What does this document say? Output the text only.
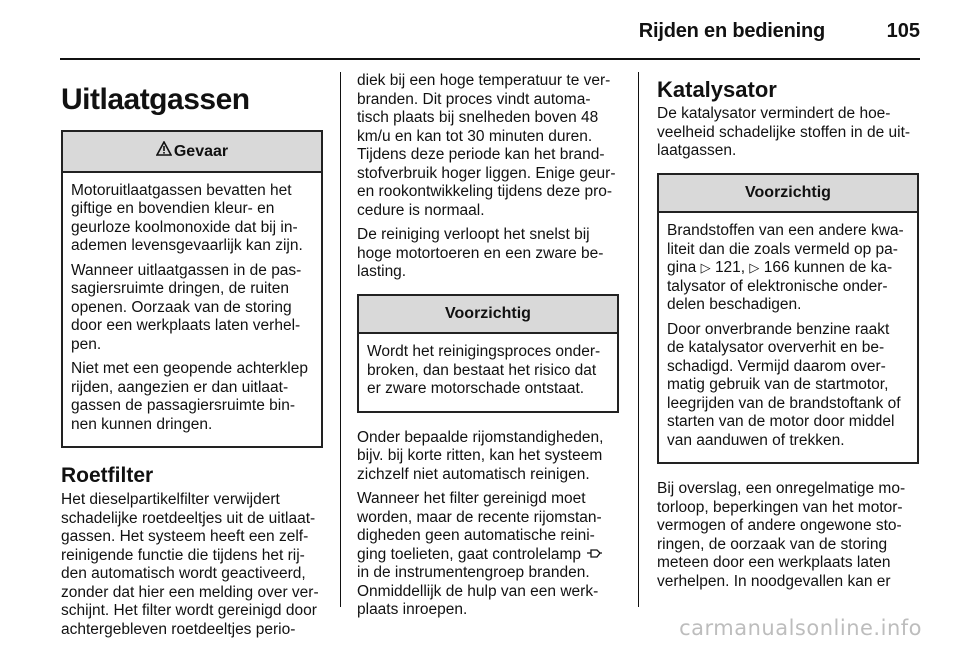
Rijden en bediening	105
Uitlaatgassen
Gevaar

Motoruitlaatgassen bevatten het giftige en bovendien kleur- en geurloze koolmonoxide dat bij in-ademen levensgevaarlijk kan zijn.

Wanneer uitlaatgassen in de pas-sagiersruimte dringen, de ruiten openen. Oorzaak van de storing door een werkplaats laten verhel-pen.

Niet met een geopende achterklep rijden, aangezien er dan uitlaat-gassen de passagiersruimte bin-nen kunnen dringen.

Roetfilter

Het dieselpartikelfilter verwijdert schadelijke roetdeeltjes uit de uitlaat-gassen. Het systeem heeft een zelf-reinigende functie die tijdens het rij-den automatisch wordt geactiveerd, zonder dat hier een melding over ver-schijnt. Het filter wordt gereinigd door achtergebleven roetdeeltjes perio-

diek bij een hoge temperatuur te ver-branden. Dit proces vindt automa-tisch plaats bij snelheden boven 48 km/u en kan tot 30 minuten duren. Tijdens deze periode kan het brand-stofverbruik hoger liggen. Enige geur-en rookontwikkeling tijdens deze pro-cedure is normaal.

De reiniging verloopt het snelst bij hoge motortoeren en een zware be-lasting.

Voorzichtig

Wordt het reinigingsproces onder-broken, dan bestaat het risico dat er zware motorschade ontstaat.

Onder bepaalde rijomstandigheden, bijv. bij korte ritten, kan het systeem zichzelf niet automatisch reinigen.

Wanneer het filter gereinigd moet worden, maar de recente rijomstan-digheden geen automatische reini-ging toelieten, gaat controlelamp  in de instrumentengroep branden. Onmiddellijk de hulp van een werk-plaats inroepen.

Katalysator

De katalysator vermindert de hoe-veelheid schadelijke stoffen in de uit-laatgassen.

Voorzichtig

Brandstoffen van een andere kwa-liteit dan die zoals vermeld op pa-gina ▷ 121, ▷ 166 kunnen de ka-talysator of elektronische onder-delen beschadigen.

Door onverbrande benzine raakt de katalysator oververhit en be-schadigd. Vermijd daarom over-matig gebruik van de startmotor, leegrijden van de brandstoftank of starten van de motor door middel van aanduwen of trekken.

Bij overslag, een onregelmatige mo-torloop, beperkingen van het motor-vermogen of andere ongewone sto-ringen, de oorzaak van de storing meteen door een werkplaats laten verhelpen. In noodgevallen kan er

carmanualsonline.info
